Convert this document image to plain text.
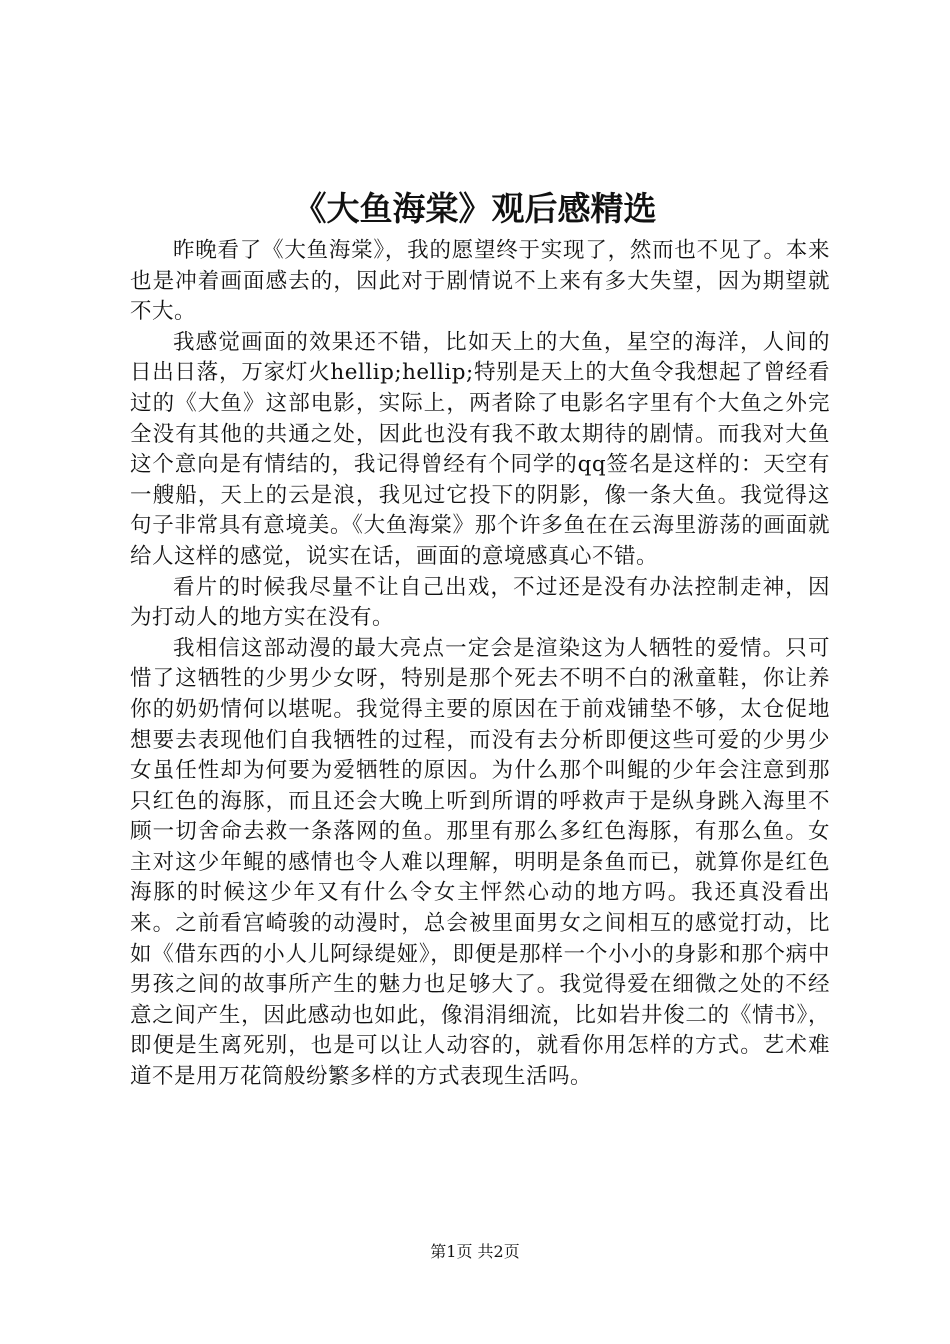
《大鱼海棠》观后感精选

昨晚看了《大鱼海棠》，我的愿望终于实现了，然而也不见了。本来也是冲着画面感去的，因此对于剧情说不上来有多大失望，因为期望就不大。

我感觉画面的效果还不错，比如天上的大鱼，星空的海洋，人间的日出日落，万家灯火hellip;hellip;特别是天上的大鱼令我想起了曾经看过的《大鱼》这部电影，实际上，两者除了电影名字里有个大鱼之外完全没有其他的共通之处，因此也没有我不敢太期待的剧情。而我对大鱼这个意向是有情结的，我记得曾经有个同学的qq签名是这样的：天空有一艘船，天上的云是浪，我见过它投下的阴影，像一条大鱼。我觉得这句子非常具有意境美。《大鱼海棠》那个许多鱼在在云海里游荡的画面就给人这样的感觉，说实在话，画面的意境感真心不错。

看片的时候我尽量不让自己出戏，不过还是没有办法控制走神，因为打动人的地方实在没有。

我相信这部动漫的最大亮点一定会是渲染这为人牺牲的爱情。只可惜了这牺牲的少男少女呀，特别是那个死去不明不白的湫童鞋，你让养你的奶奶情何以堪呢。我觉得主要的原因在于前戏铺垫不够，太仓促地想要去表现他们自我牺牲的过程，而没有去分析即便这些可爱的少男少女虽任性却为何要为爱牺牲的原因。为什么那个叫鲲的少年会注意到那只红色的海豚，而且还会大晚上听到所谓的呼救声于是纵身跳入海里不顾一切舍命去救一条落网的鱼。那里有那么多红色海豚，有那么鱼。女主对这少年鲲的感情也令人难以理解，明明是条鱼而已，就算你是红色海豚的时候这少年又有什么令女主怦然心动的地方吗。我还真没看出来。之前看宫崎骏的动漫时，总会被里面男女之间相互的感觉打动，比如《借东西的小人儿阿绿缇娅》，即便是那样一个小小的身影和那个病中男孩之间的故事所产生的魅力也足够大了。我觉得爱在细微之处的不经意之间产生，因此感动也如此，像涓涓细流，比如岩井俊二的《情书》，即便是生离死别，也是可以让人动容的，就看你用怎样的方式。艺术难道不是用万花筒般纷繁多样的方式表现生活吗。

第1页 共2页
